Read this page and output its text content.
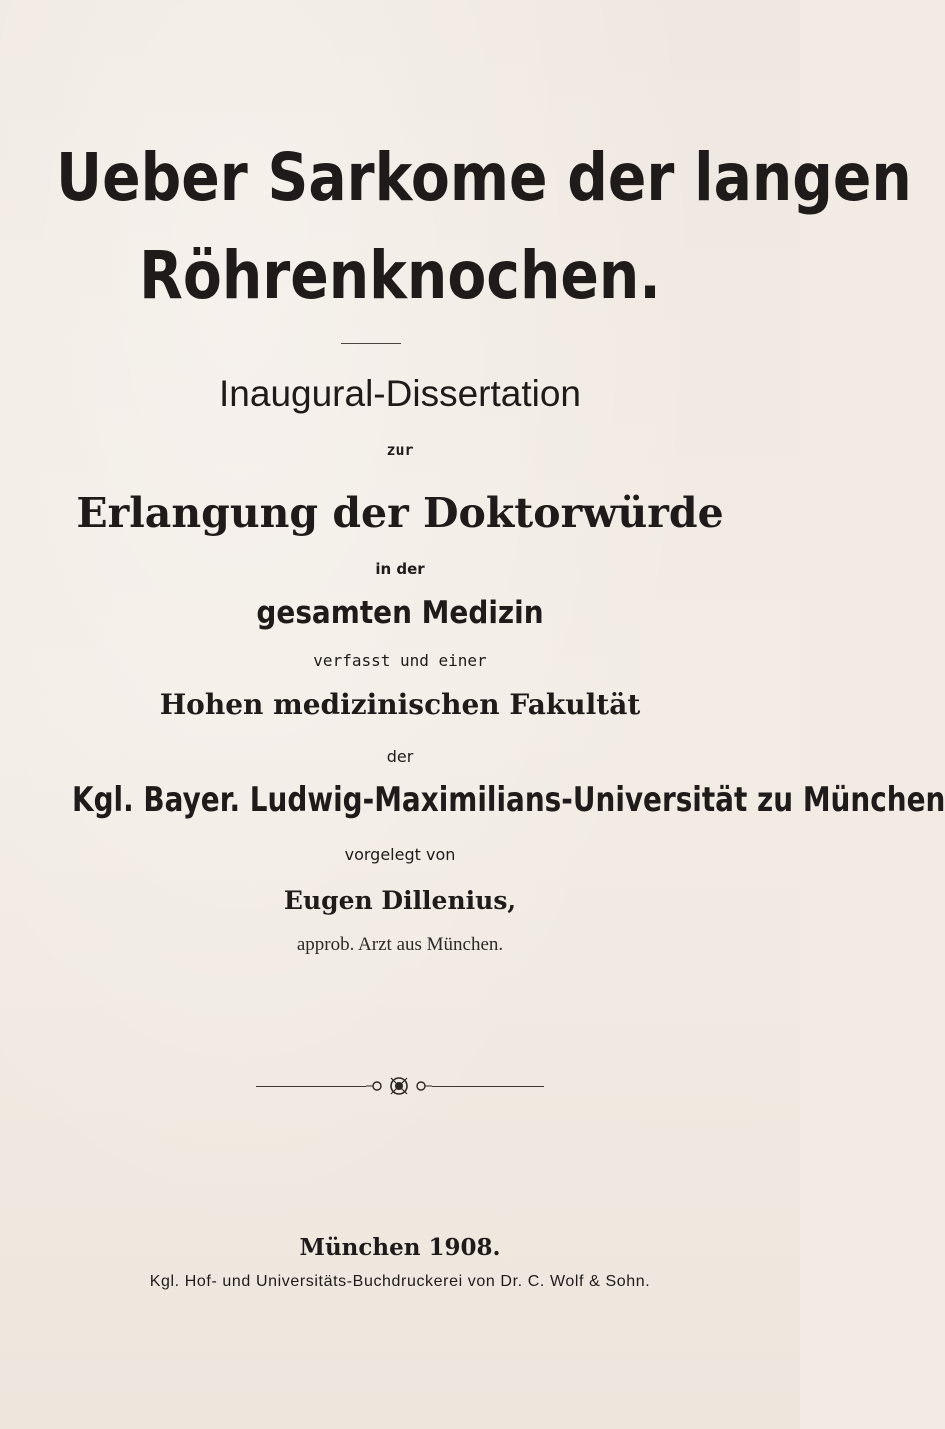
Ueber Sarkome der langen
Röhrenknochen.
Inaugural-Dissertation
zur
Erlangung der Doktorwürde
in der
gesamten Medizin
verfasst und einer
Hohen medizinischen Fakultät
der
Kgl. Bayer. Ludwig-Maximilians-Universität zu München
vorgelegt von
Eugen Dillenius,
approb. Arzt aus München.
München 1908.
Kgl. Hof- und Universitäts-Buchdruckerei von Dr. C. Wolf & Sohn.
